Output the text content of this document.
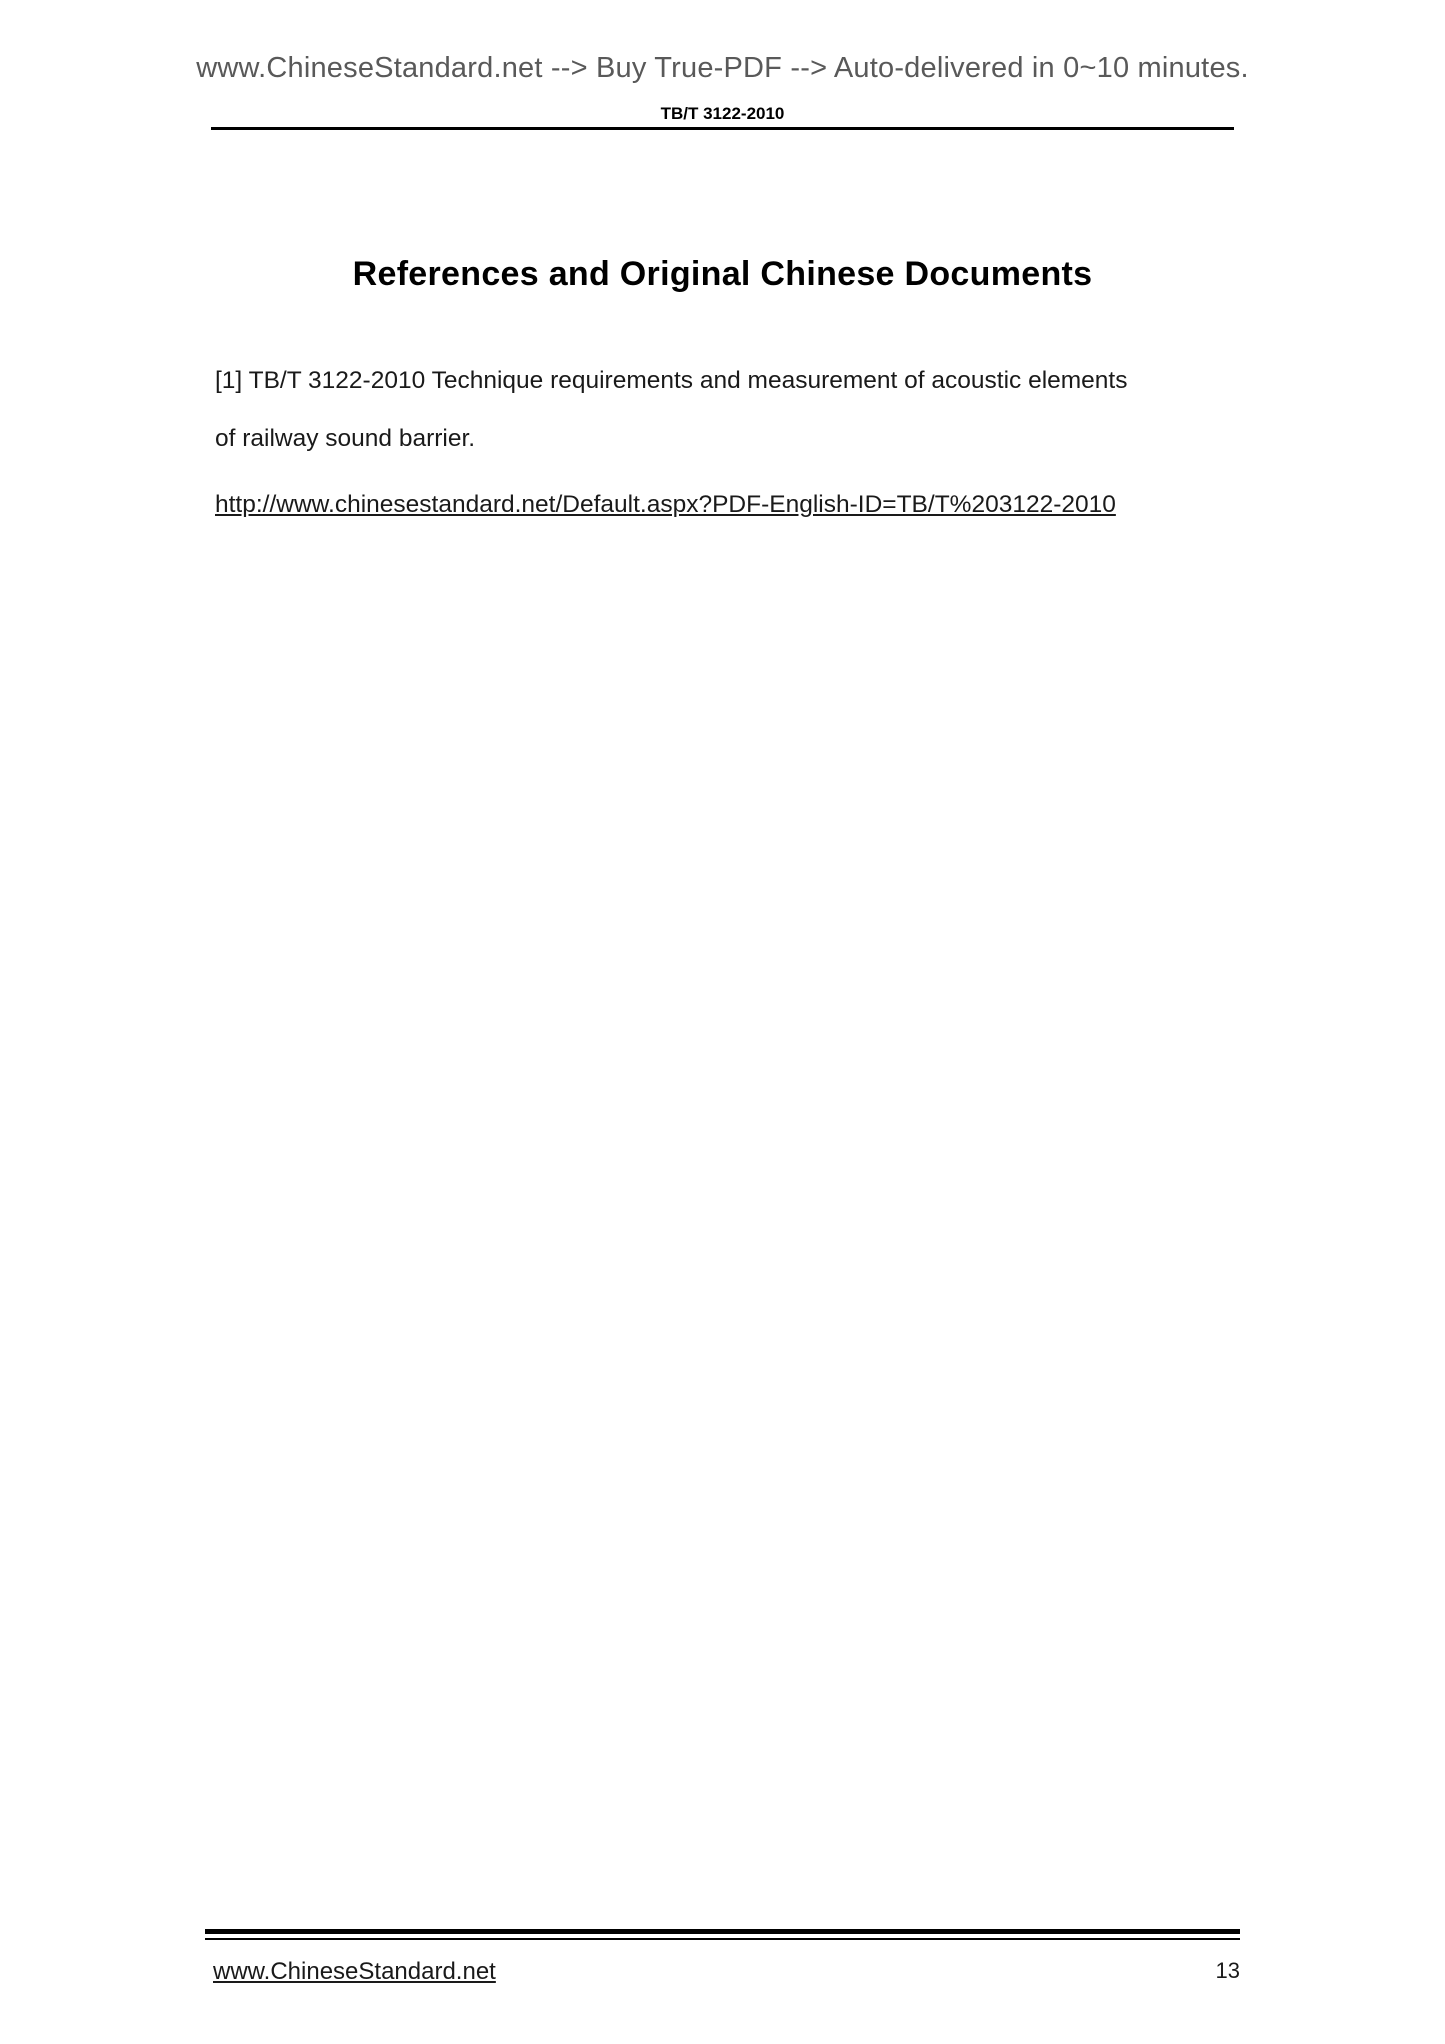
www.ChineseStandard.net --> Buy True-PDF --> Auto-delivered in 0~10 minutes.
TB/T 3122-2010
References and Original Chinese Documents
[1] TB/T 3122-2010 Technique requirements and measurement of acoustic elements
of railway sound barrier.
http://www.chinesestandard.net/Default.aspx?PDF-English-ID=TB/T%203122-2010
www.ChineseStandard.net	13
